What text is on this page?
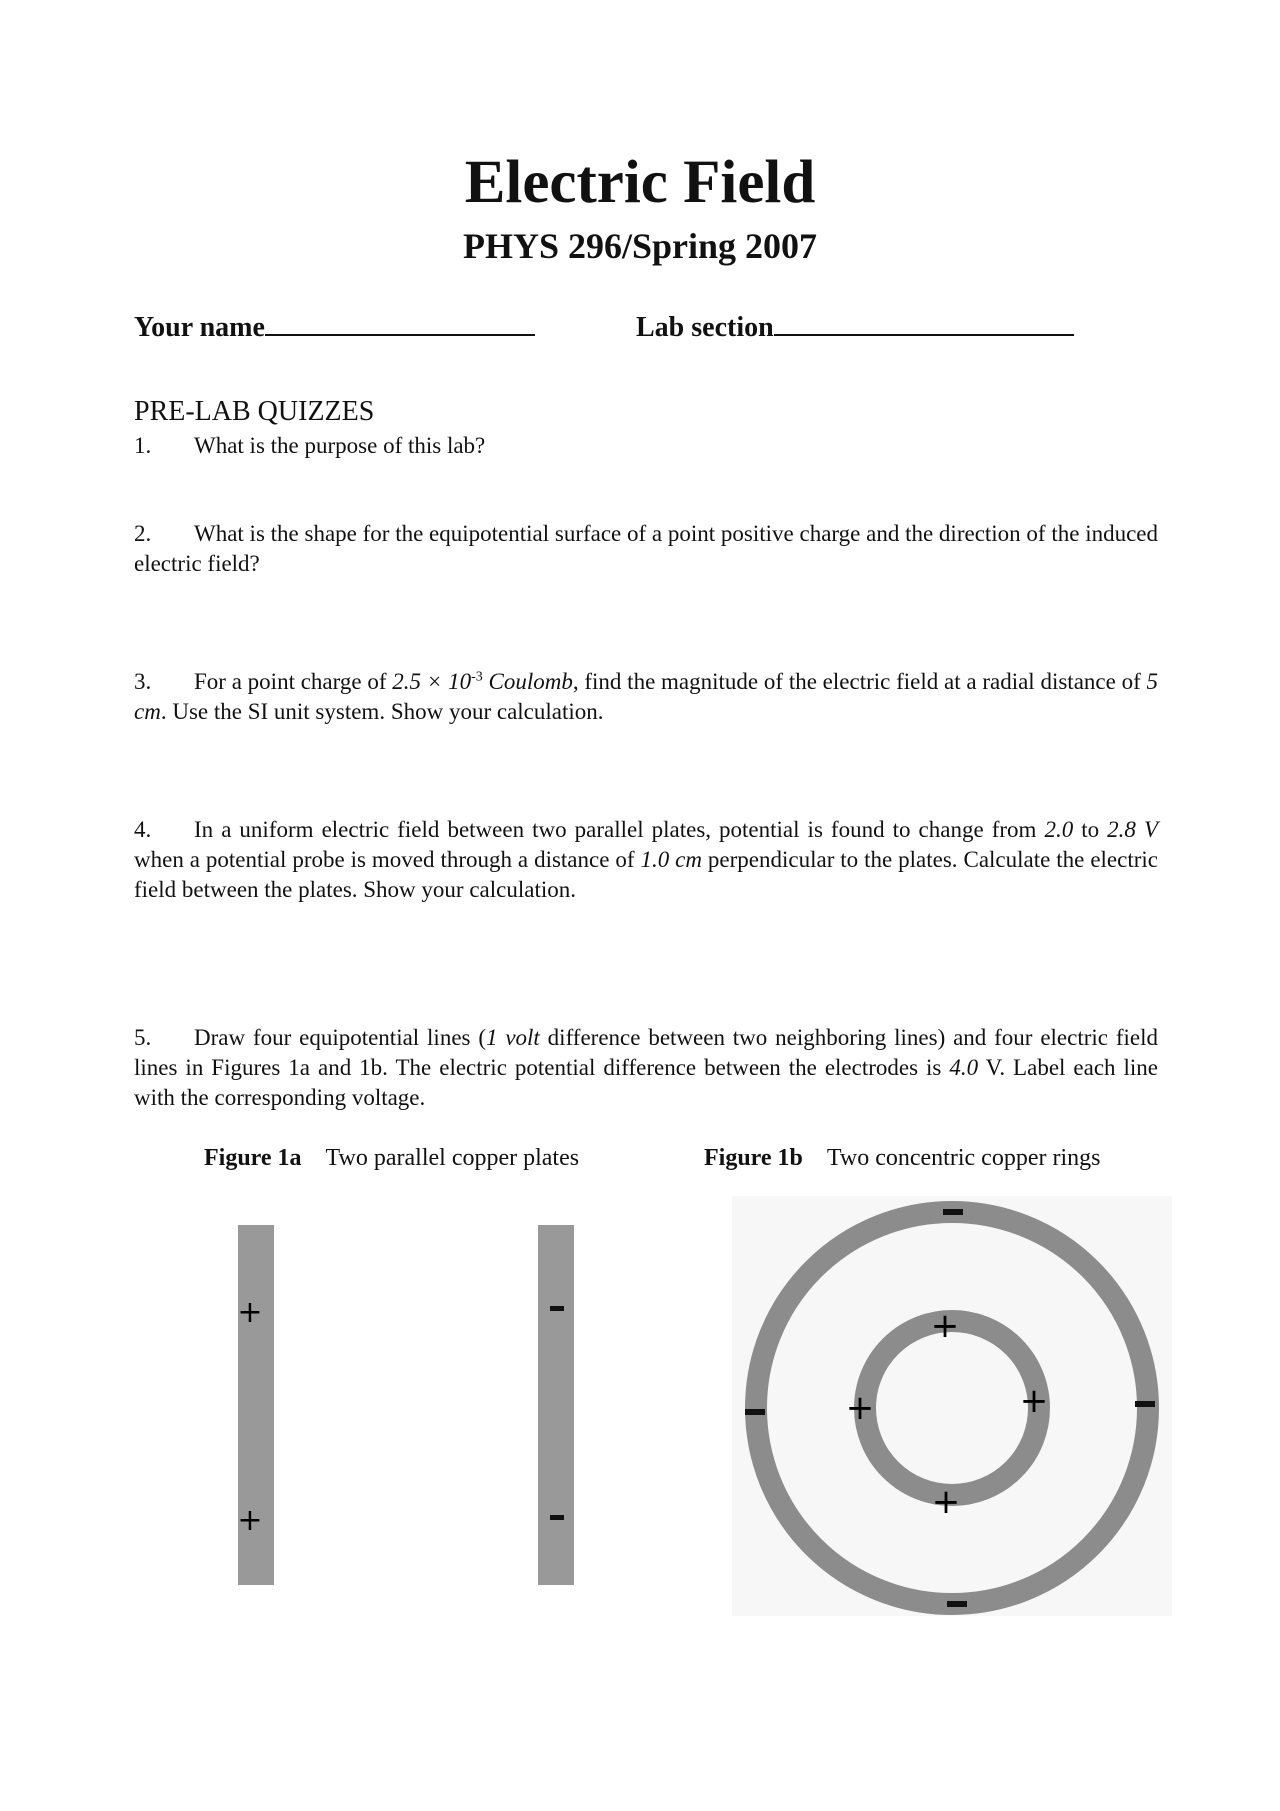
Electric Field
PHYS 296/Spring 2007
Your name	Lab section
PRE-LAB QUIZZES
1. What is the purpose of this lab?
2. What is the shape for the equipotential surface of a point positive charge and the direction of the induced electric field?
3. For a point charge of $2.5 \times 10^{-3}$ Coulomb, find the magnitude of the electric field at a radial distance of 5 cm. Use the SI unit system. Show your calculation.
4. In a uniform electric field between two parallel plates, potential is found to change from 2.0 to 2.8 V when a potential probe is moved through a distance of 1.0 cm perpendicular to the plates. Calculate the electric field between the plates. Show your calculation.
5. Draw four equipotential lines (1 volt difference between two neighboring lines) and four electric field lines in Figures 1a and 1b. The electric potential difference between the electrodes is 4.0 V. Label each line with the corresponding voltage.
Figure 1a Two parallel copper plates	Figure 1b Two concentric copper rings
+
+
+
+
+	+
